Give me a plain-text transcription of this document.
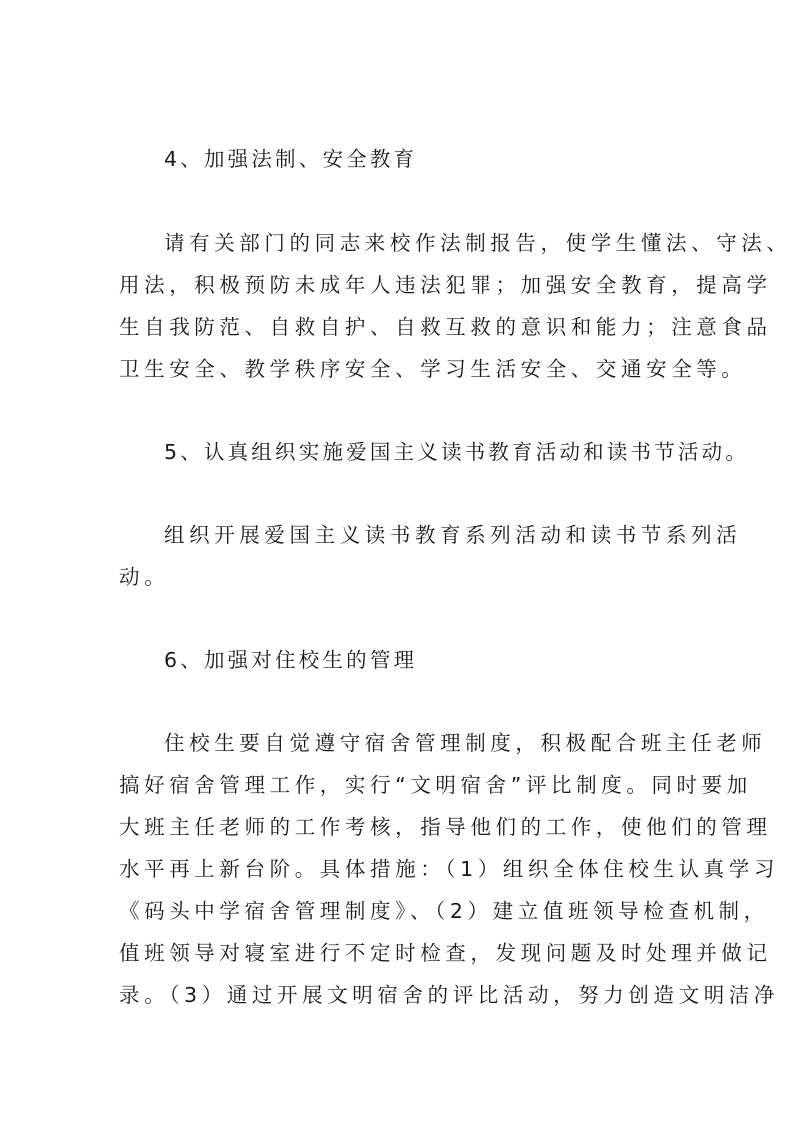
4、加强法制、安全教育
请有关部门的同志来校作法制报告，使学生懂法、守法、
用法，积极预防未成年人违法犯罪；加强安全教育，提高学
生自我防范、自救自护、自救互救的意识和能力；注意食品
卫生安全、教学秩序安全、学习生活安全、交通安全等。
5、认真组织实施爱国主义读书教育活动和读书节活动。
组织开展爱国主义读书教育系列活动和读书节系列活
动。
6、加强对住校生的管理
住校生要自觉遵守宿舍管理制度，积极配合班主任老师
搞好宿舍管理工作，实行“文明宿舍”评比制度。同时要加
大班主任老师的工作考核，指导他们的工作，使他们的管理
水平再上新台阶。具体措施：（1）组织全体住校生认真学习
《码头中学宿舍管理制度》、（2）建立值班领导检查机制，
值班领导对寝室进行不定时检查，发现问题及时处理并做记
录。（3）通过开展文明宿舍的评比活动，努力创造文明洁净
